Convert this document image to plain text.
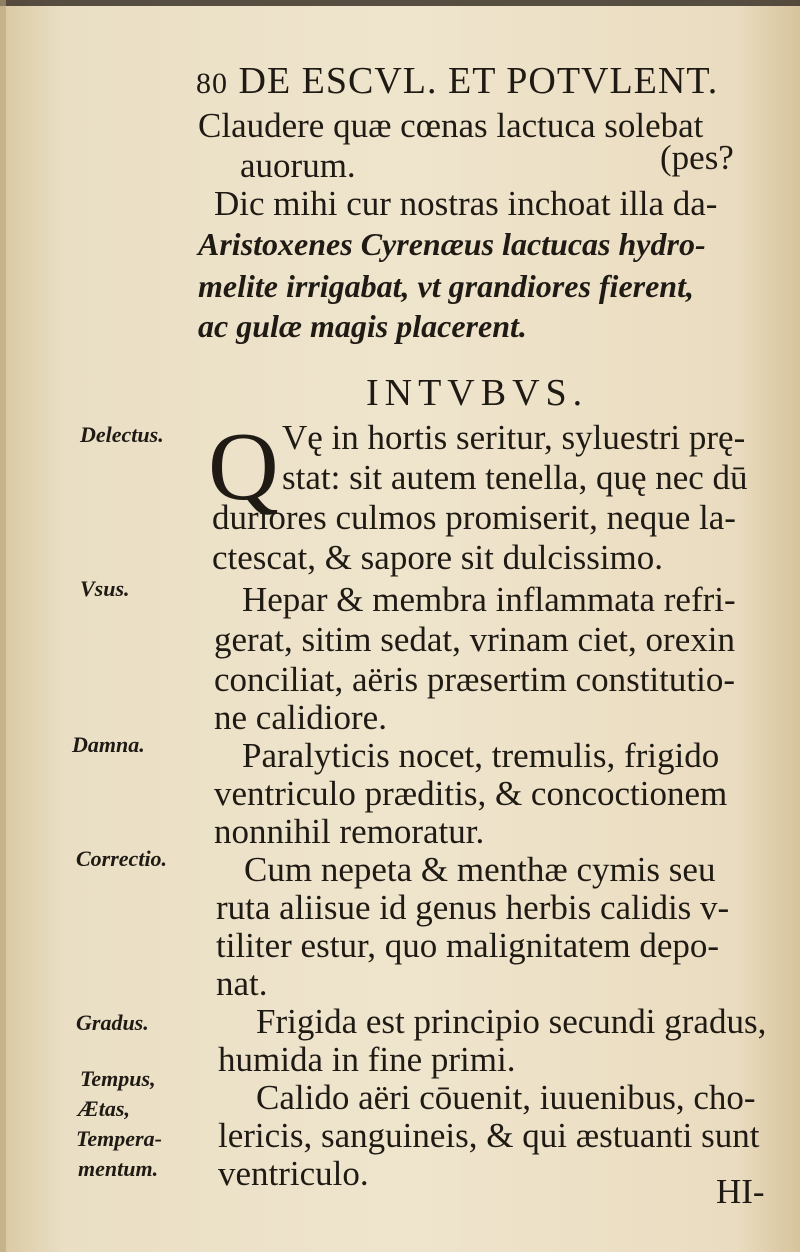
80 DE ESCVL. ET POTVLENT.
Claudere quæ cœnas lactuca solebat
auorum.	(pes?
Dic mihi cur nostras inchoat illa da-
Aristoxenes Cyrenæus lactucas hydro-
melite irrigabat, vt grandiores fierent,
ac gulæ magis placerent.
INTVBVS.
Q
Delectus.
Vsus.
Damna.
Correctio.
Gradus.
Tempus,
Ætas,
Tempera-
mentum.
Vę in hortis seritur, syluestri prę-
stat: sit autem tenella, quę nec dū
duriores culmos promiserit, neque la-
ctescat, & sapore sit dulcissimo.
Hepar & membra inflammata refri-
gerat, sitim sedat, vrinam ciet, orexin
conciliat, aëris præsertim constitutio-
ne calidiore.
Paralyticis nocet, tremulis, frigido
ventriculo præditis, & concoctionem
nonnihil remoratur.
Cum nepeta & menthæ cymis seu
ruta aliisue id genus herbis calidis v-
tiliter estur, quo malignitatem depo-
nat.
Frigida est principio secundi gradus,
humida in fine primi.
Calido aëri cōuenit, iuuenibus, cho-
lericis, sanguineis, & qui æstuanti sunt
ventriculo.	HI-
